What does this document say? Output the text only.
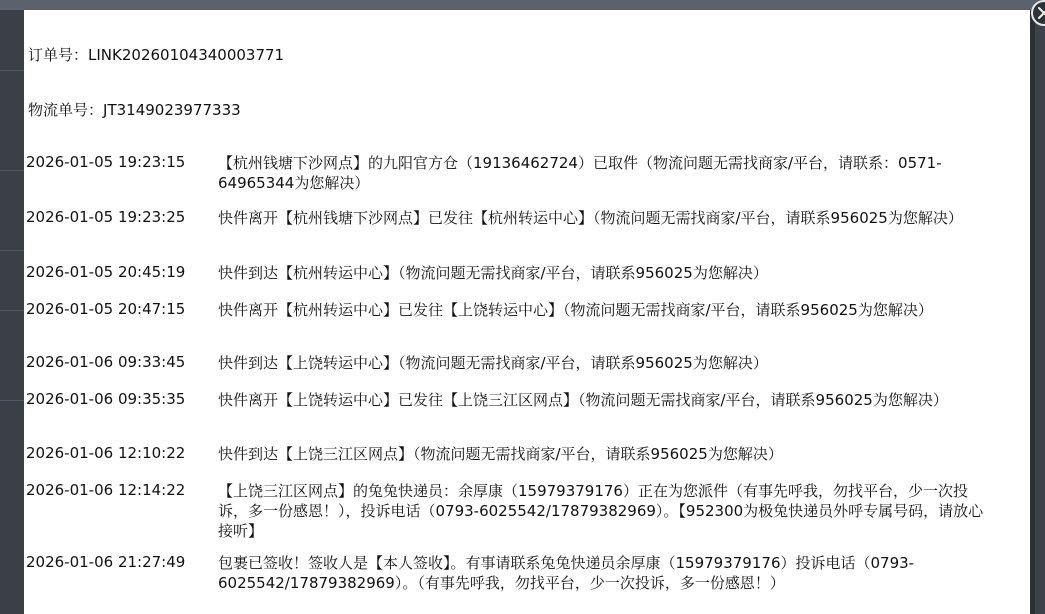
订单号：LINK20260104340003771
物流单号：JT3149023977333
2026-01-05 19:23:15	【杭州钱塘下沙网点】的九阳官方仓（19136462724）已取件（物流问题无需找商家/平台，请联系：0571-64965344为您解决）
2026-01-05 19:23:25	快件离开【杭州钱塘下沙网点】已发往【杭州转运中心】（物流问题无需找商家/平台，请联系956025为您解决）
2026-01-05 20:45:19	快件到达【杭州转运中心】（物流问题无需找商家/平台，请联系956025为您解决）
2026-01-05 20:47:15	快件离开【杭州转运中心】已发往【上饶转运中心】（物流问题无需找商家/平台，请联系956025为您解决）
2026-01-06 09:33:45	快件到达【上饶转运中心】（物流问题无需找商家/平台，请联系956025为您解决）
2026-01-06 09:35:35	快件离开【上饶转运中心】已发往【上饶三江区网点】（物流问题无需找商家/平台，请联系956025为您解决）
2026-01-06 12:10:22	快件到达【上饶三江区网点】（物流问题无需找商家/平台，请联系956025为您解决）
2026-01-06 12:14:22	【上饶三江区网点】的兔兔快递员：余厚康（15979379176）正在为您派件（有事先呼我，勿找平台，少一次投诉，多一份感恩！），投诉电话（0793-6025542/17879382969）。【952300为极兔快递员外呼专属号码，请放心接听】
2026-01-06 21:27:49	包裹已签收！签收人是【本人签收】。有事请联系兔兔快递员余厚康（15979379176）投诉电话（0793-6025542/17879382969）。（有事先呼我，勿找平台，少一次投诉，多一份感恩！）
